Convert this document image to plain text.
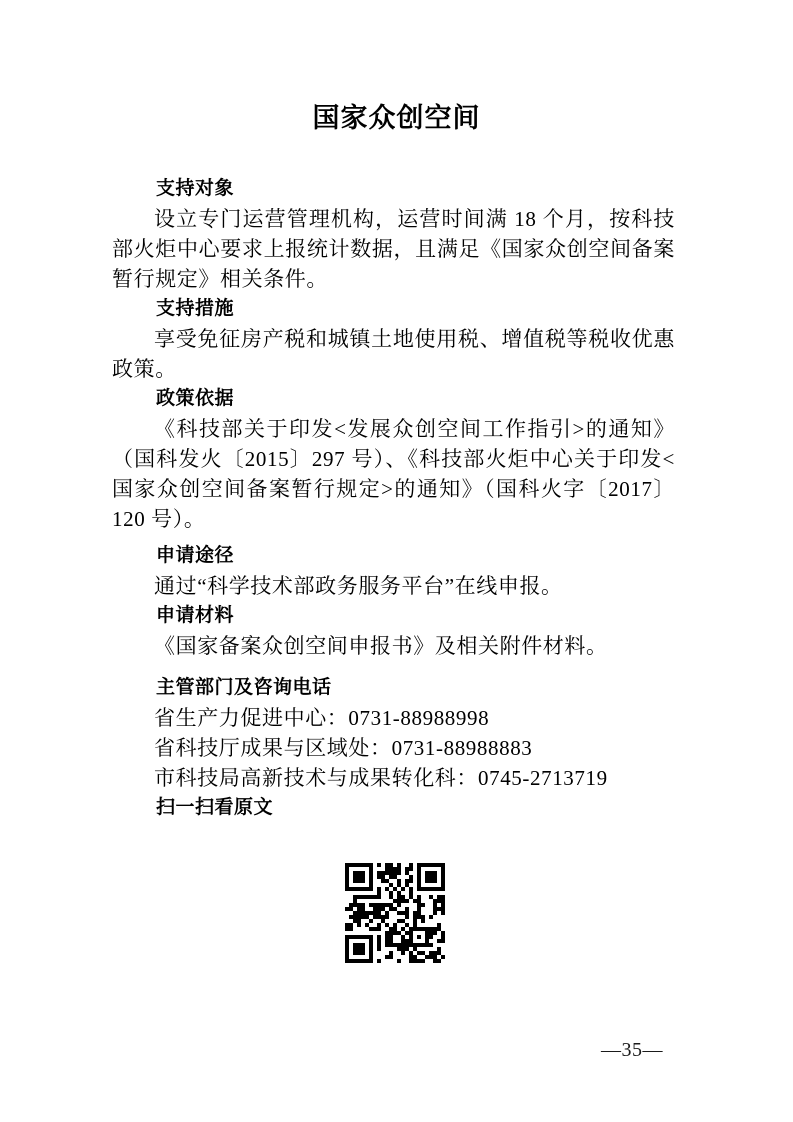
国家众创空间
支持对象

设立专门运营管理机构，运营时间满 18 个月，按科技部火炬中心要求上报统计数据，且满足《国家众创空间备案暂行规定》相关条件。

支持措施

享受免征房产税和城镇土地使用税、增值税等税收优惠政策。

政策依据

《科技部关于印发<发展众创空间工作指引>的通知》（国科发火〔2015〕297 号）、《科技部火炬中心关于印发<国家众创空间备案暂行规定>的通知》（国科火字〔2017〕120 号）。

申请途径

通过“科学技术部政务服务平台”在线申报。

申请材料

《国家备案众创空间申报书》及相关附件材料。

主管部门及咨询电话

省生产力促进中心：0731-88988998

省科技厅成果与区域处：0731-88988883

市科技局高新技术与成果转化科：0745-2713719

扫一扫看原文
—35—
